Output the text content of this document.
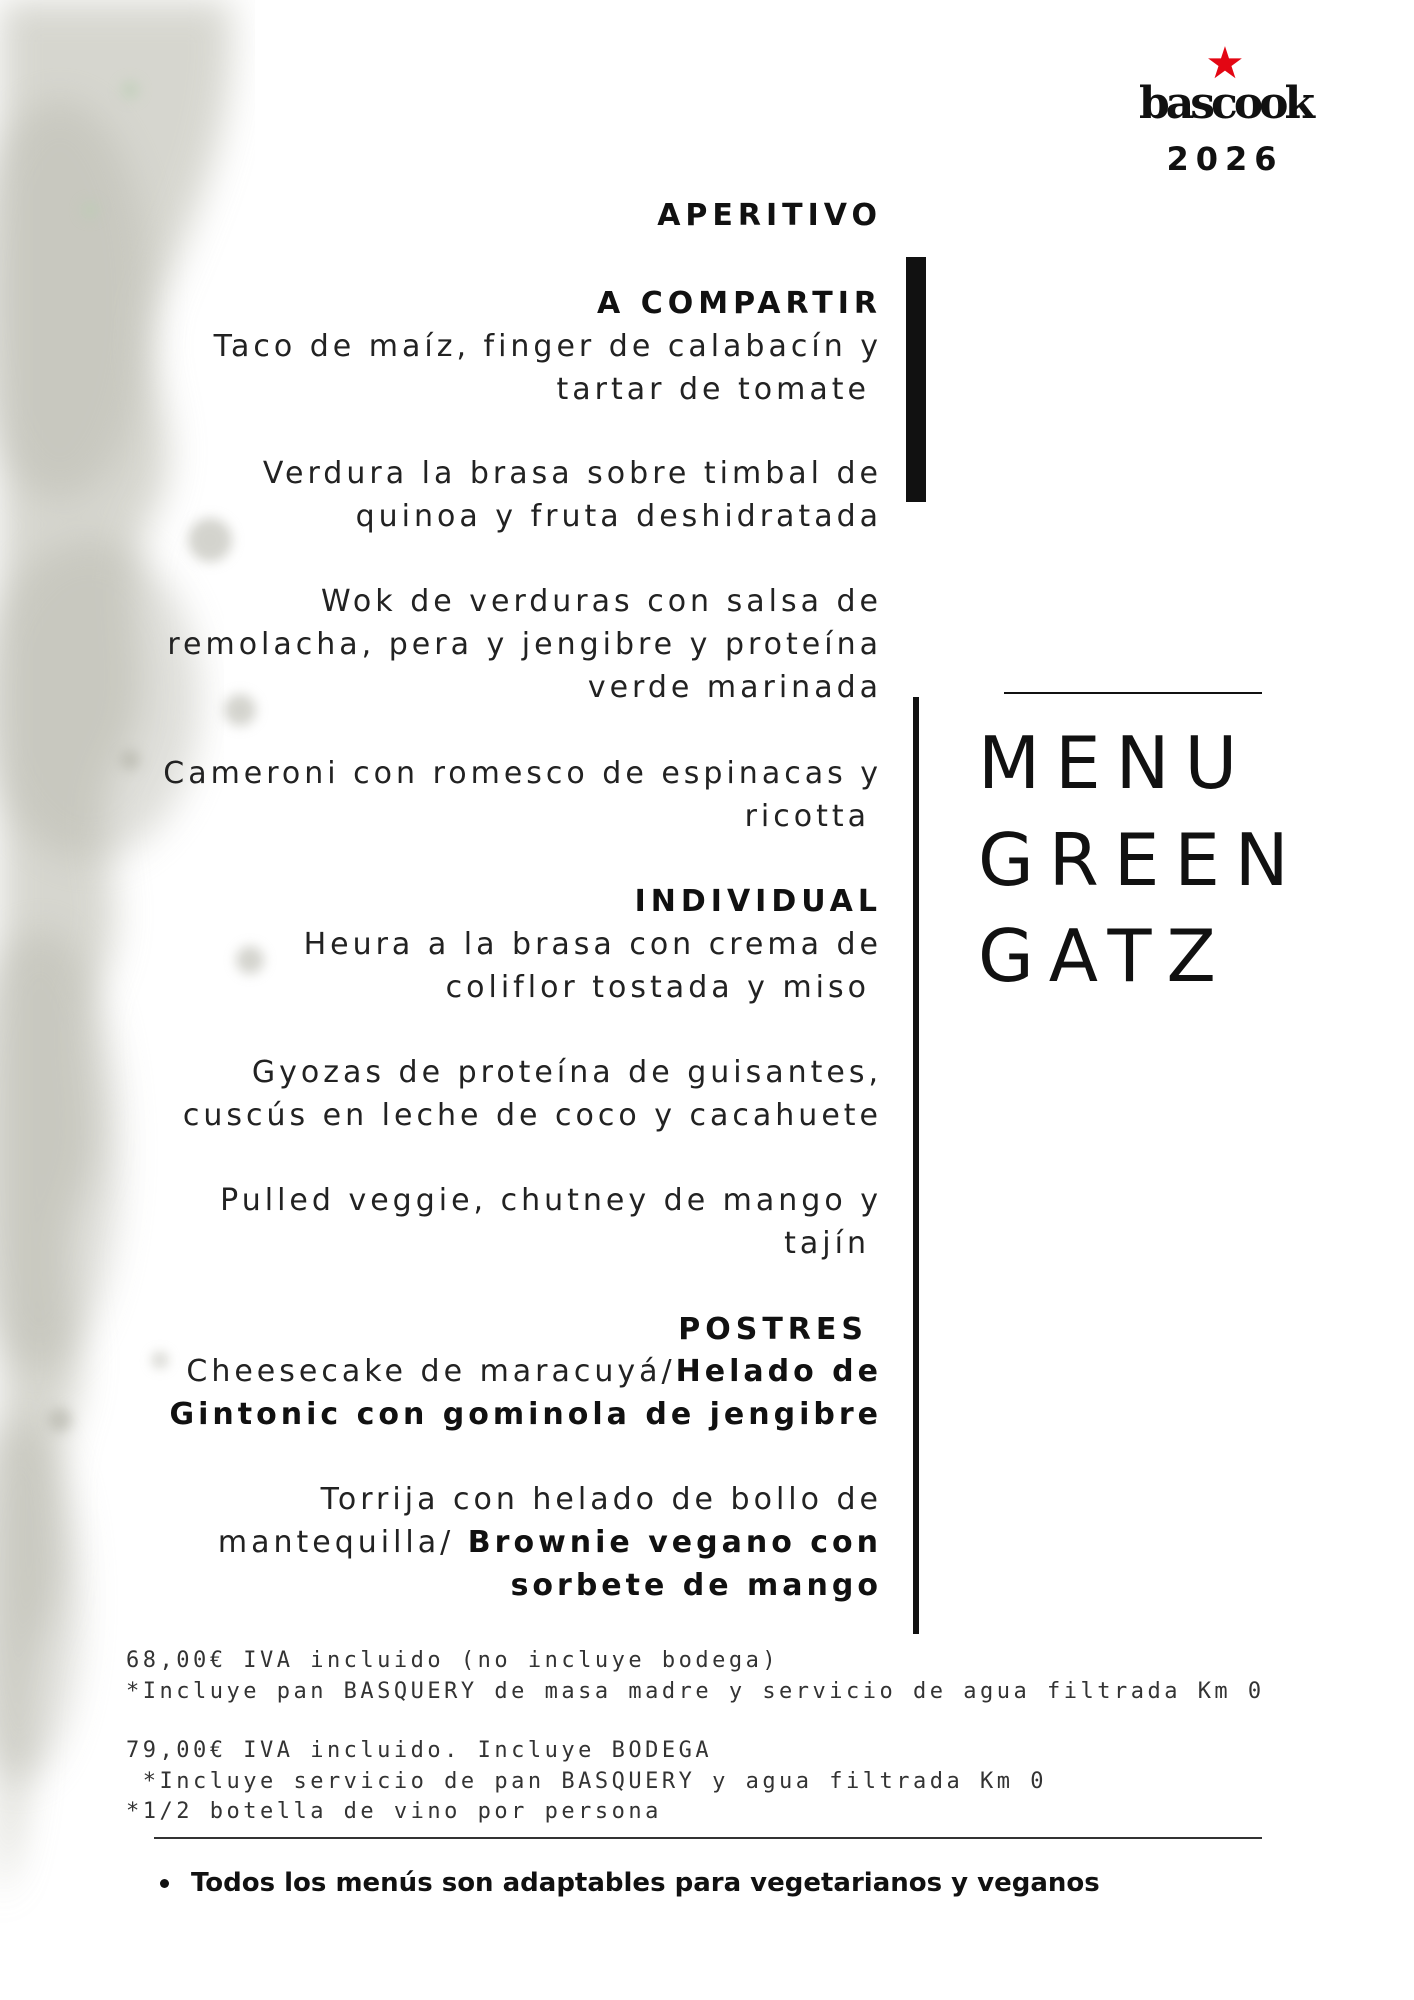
★
bascook
2026
APERITIVO
A COMPARTIR
Taco de maíz, finger de calabacín y
tartar de tomate
Verdura la brasa sobre timbal de
quinoa y fruta deshidratada
Wok de verduras con salsa de
remolacha, pera y jengibre y proteína
verde marinada
Cameroni con romesco de espinacas y
ricotta
INDIVIDUAL
Heura a la brasa con crema de
coliflor tostada y miso
Gyozas de proteína de guisantes,
cuscús en leche de coco y cacahuete
Pulled veggie, chutney de mango y
tajín
POSTRES
Cheesecake de maracuyá/Helado de
Gintonic con gominola de jengibre
Torrija con helado de bollo de
mantequilla/ Brownie vegano con
sorbete de mango
MENU
GREEN
GATZ
68,00€ IVA incluido (no incluye bodega)
*Incluye pan BASQUERY de masa madre y servicio de agua filtrada Km 0
79,00€ IVA incluido. Incluye BODEGA
*Incluye servicio de pan BASQUERY y agua filtrada Km 0
*1/2 botella de vino por persona
Todos los menús son adaptables para vegetarianos y veganos
